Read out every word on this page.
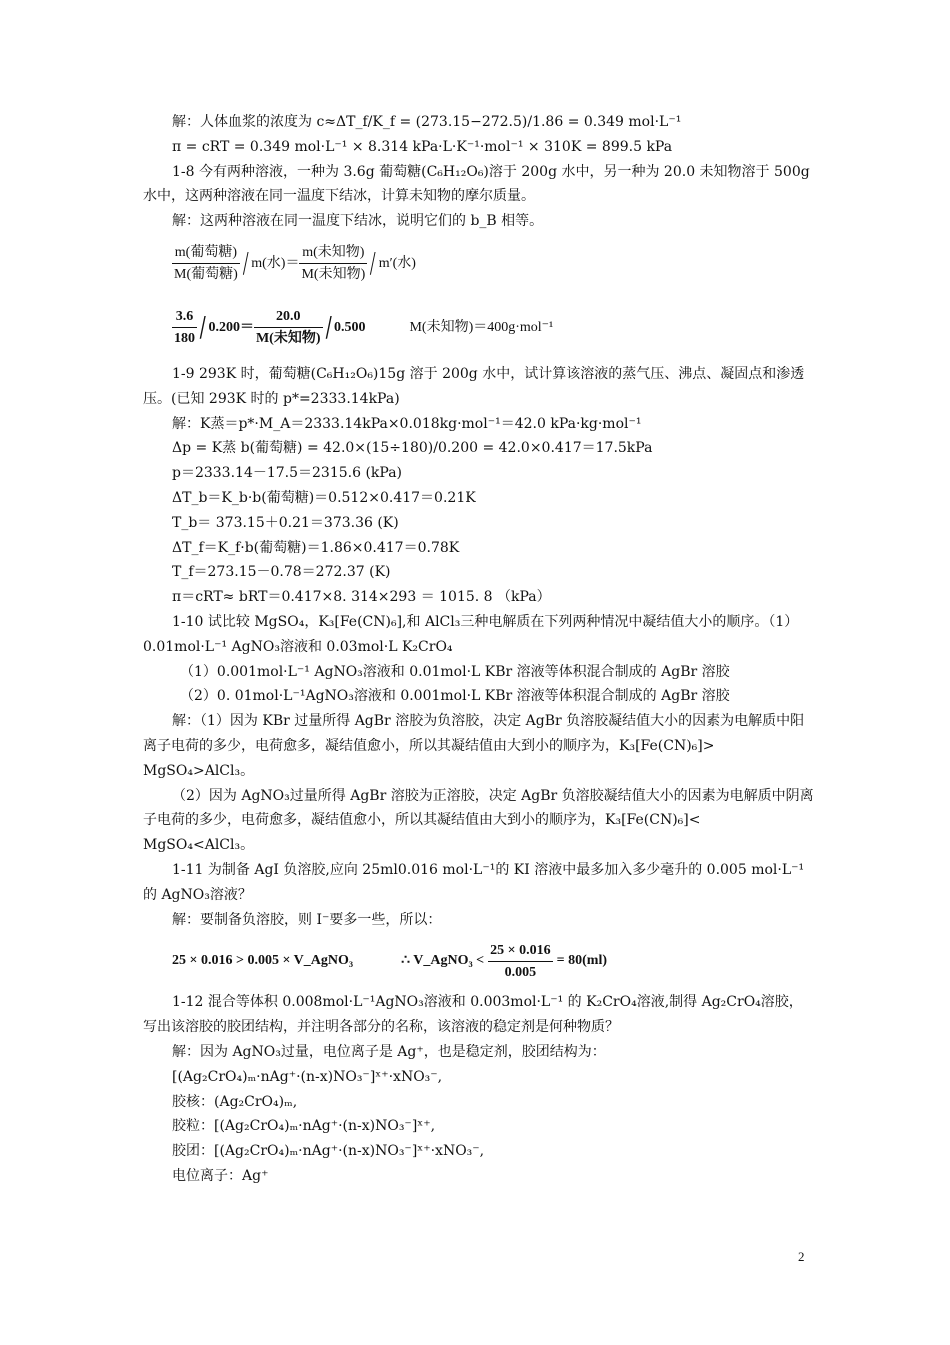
解：人体血浆的浓度为 c≈ΔT_f/K_f = (273.15−272.5)/1.86 = 0.349 mol·L⁻¹

π = cRT = 0.349 mol·L⁻¹ × 8.314 kPa·L·K⁻¹·mol⁻¹ × 310K = 899.5 kPa

1-8 今有两种溶液，一种为 3.6g 葡萄糖(C₆H₁₂O₆)溶于 200g 水中，另一种为 20.0 未知物溶于 500g 水中，这两种溶液在同一温度下结冰，计算未知物的摩尔质量。

解：这两种溶液在同一温度下结冰，说明它们的 b_B 相等。

$\frac{\text{m(葡萄糖)}}{\text{M(葡萄糖)}} / m$(水)＝ $\frac{\text{m(未知物)}}{\text{M(未知物)}} / m'$(水)
$\frac{3.6}{180} / 0.200= \frac{20.0}{\text{M(未知物)}} / 0.500$	M(未知物)＝400g·mol⁻¹

1-9 293K 时，葡萄糖(C₆H₁₂O₆)15g 溶于 200g 水中，试计算该溶液的蒸气压、沸点、凝固点和渗透压。(已知 293K 时的 p*=2333.14kPa)

解：K蒸＝p*·M_A＝2333.14kPa×0.018kg·mol⁻¹＝42.0 kPa·kg·mol⁻¹

Δp = K蒸 b(葡萄糖) = 42.0×(15÷180)/0.200 = 42.0×0.417＝17.5kPa

p＝2333.14－17.5＝2315.6 (kPa)

ΔT_b＝K_b·b(葡萄糖)＝0.512×0.417＝0.21K

T_b＝ 373.15＋0.21＝373.36 (K)

ΔT_f＝K_f·b(葡萄糖)＝1.86×0.417＝0.78K

T_f＝273.15－0.78＝272.37 (K)

π＝cRT≈ bRT＝0.417×8. 314×293 ＝ 1015. 8 （kPa）

1-10 试比较 MgSO₄，K₃[Fe(CN)₆],和 AlCl₃三种电解质在下列两种情况中凝结值大小的顺序。（1）0.01mol·L⁻¹ AgNO₃溶液和 0.03mol·L K₂CrO₄

（1）0.001mol·L⁻¹ AgNO₃溶液和 0.01mol·L KBr 溶液等体积混合制成的 AgBr 溶胶

（2）0. 01mol·L⁻¹AgNO₃溶液和 0.001mol·L KBr 溶液等体积混合制成的 AgBr 溶胶

解：（1）因为 KBr 过量所得 AgBr 溶胶为负溶胶，决定 AgBr 负溶胶凝结值大小的因素为电解质中阳离子电荷的多少，电荷愈多，凝结值愈小，所以其凝结值由大到小的顺序为，K₃[Fe(CN)₆]> MgSO₄>AlCl₃。

（2）因为 AgNO₃过量所得 AgBr 溶胶为正溶胶，决定 AgBr 负溶胶凝结值大小的因素为电解质中阴离子电荷的多少，电荷愈多，凝结值愈小，所以其凝结值由大到小的顺序为，K₃[Fe(CN)₆]< MgSO₄<AlCl₃。

1-11 为制备 AgI 负溶胶,应向 25ml0.016 mol·L⁻¹的 KI 溶液中最多加入多少毫升的 0.005 mol·L⁻¹ 的 AgNO₃溶液？

解：要制备负溶胶，则 I⁻要多一些，所以：

25 × 0.016 > 0.005 × V_AgNO₃	∴ V_AgNO₃ < $\frac{25 \times 0.016}{0.005} = 80(ml)$

1-12 混合等体积 0.008mol·L⁻¹AgNO₃溶液和 0.003mol·L⁻¹ 的 K₂CrO₄溶液,制得 Ag₂CrO₄溶胶，写出该溶胶的胶团结构，并注明各部分的名称，该溶液的稳定剂是何种物质？

解：因为 AgNO₃过量，电位离子是 Ag⁺，也是稳定剂，胶团结构为：

[(Ag₂CrO₄)ₘ·nAg⁺·(n-x)NO₃⁻]ˣ⁺·xNO₃⁻,

胶核：(Ag₂CrO₄)ₘ,

胶粒：[(Ag₂CrO₄)ₘ·nAg⁺·(n-x)NO₃⁻]ˣ⁺,

胶团：[(Ag₂CrO₄)ₘ·nAg⁺·(n-x)NO₃⁻]ˣ⁺·xNO₃⁻,

电位离子：Ag⁺

2
